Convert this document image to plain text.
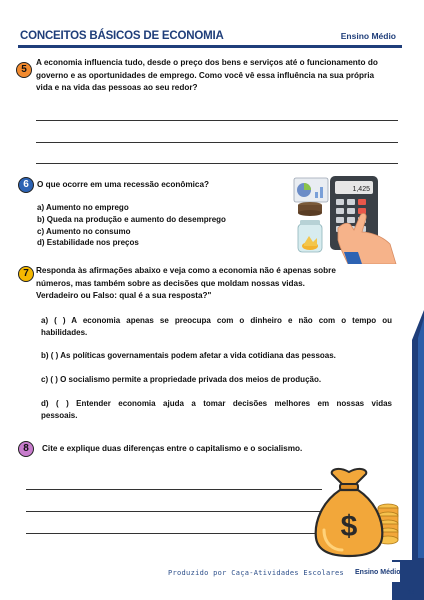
CONCEITOS BÁSICOS DE ECONOMIA	Ensino Médio
5
A economia influencia tudo, desde o preço dos bens e serviços até o funcionamento do
governo e as oportunidades de emprego. Como você vê essa influência na sua própria
vida e na vida das pessoas ao seu redor?
6	O que ocorre em uma recessão econômica?
a) Aumento no emprego
b) Queda na produção e aumento do desemprego
c) Aumento no consumo
d) Estabilidade nos preços
1,425
7 Responda às afirmações abaixo e veja como a economia não é apenas sobre
números, mas também sobre as decisões que moldam nossas vidas.
Verdadeiro ou Falso: qual é a sua resposta?"
a) ( ) A economia apenas se preocupa com o dinheiro e não com o tempo ou
habilidades.
b) ( ) As políticas governamentais podem afetar a vida cotidiana das pessoas.
c) ( ) O socialismo permite a propriedade privada dos meios de produção.
d) ( ) Entender economia ajuda a tomar decisões melhores em nossas vidas
pessoais.
8	Cite e explique duas diferenças entre o capitalismo e o socialismo.
$
Produzido por Caça-Atividades Escolares Ensino Médio
14
